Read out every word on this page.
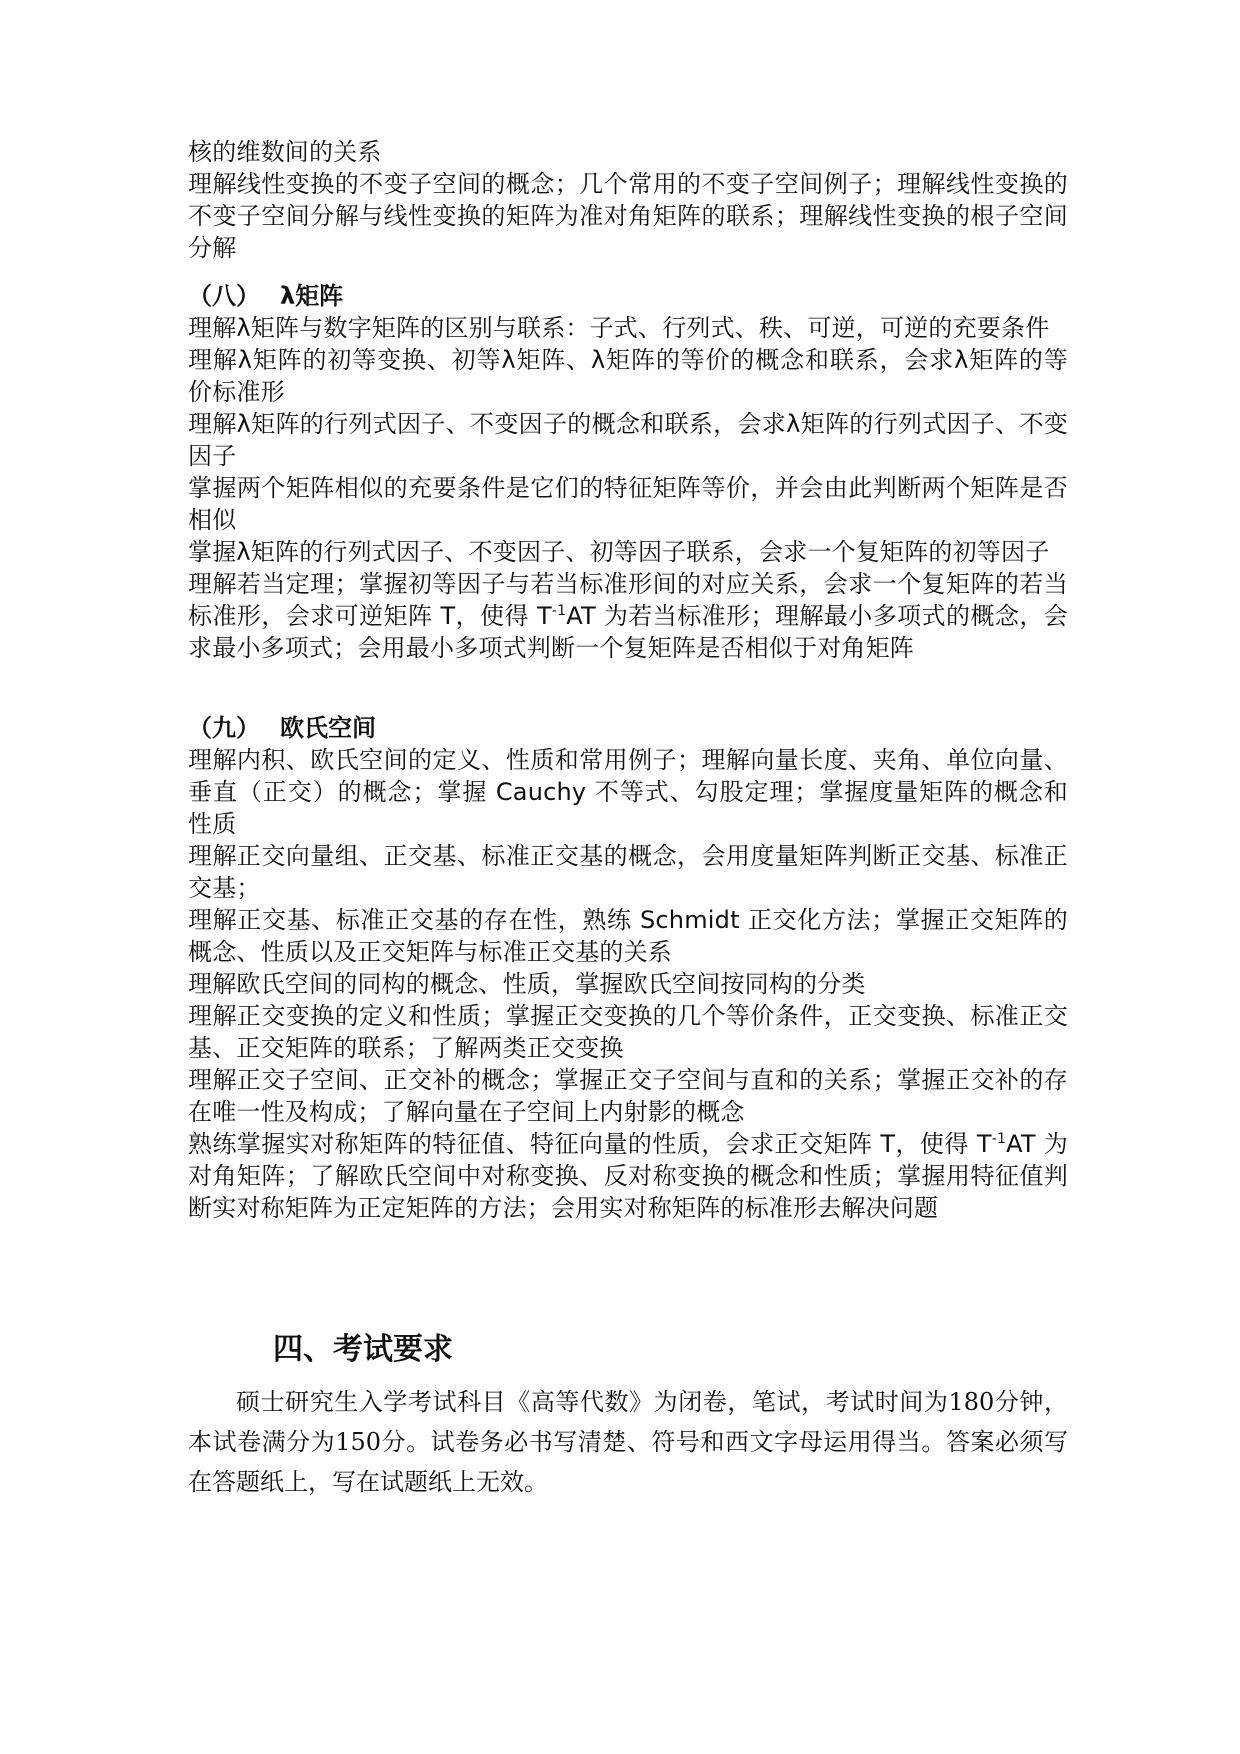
核的维数间的关系

理解线性变换的不变子空间的概念；几个常用的不变子空间例子；理解线性变换的不变子空间分解与线性变换的矩阵为准对角矩阵的联系；理解线性变换的根子空间分解

（八） λ矩阵

理解λ矩阵与数字矩阵的区别与联系：子式、行列式、秩、可逆，可逆的充要条件

理解λ矩阵的初等变换、初等λ矩阵、λ矩阵的等价的概念和联系，会求λ矩阵的等价标准形

理解λ矩阵的行列式因子、不变因子的概念和联系，会求λ矩阵的行列式因子、不变因子

掌握两个矩阵相似的充要条件是它们的特征矩阵等价，并会由此判断两个矩阵是否相似

掌握λ矩阵的行列式因子、不变因子、初等因子联系，会求一个复矩阵的初等因子

理解若当定理；掌握初等因子与若当标准形间的对应关系，会求一个复矩阵的若当标准形，会求可逆矩阵 T，使得 $T^{-1}AT$ 为若当标准形；理解最小多项式的概念，会求最小多项式；会用最小多项式判断一个复矩阵是否相似于对角矩阵

（九） 欧氏空间

理解内积、欧氏空间的定义、性质和常用例子；理解向量长度、夹角、单位向量、垂直（正交）的概念；掌握 Cauchy 不等式、勾股定理；掌握度量矩阵的概念和性质

理解正交向量组、正交基、标准正交基的概念，会用度量矩阵判断正交基、标准正交基；

理解正交基、标准正交基的存在性，熟练 Schmidt 正交化方法；掌握正交矩阵的概念、性质以及正交矩阵与标准正交基的关系

理解欧氏空间的同构的概念、性质，掌握欧氏空间按同构的分类

理解正交变换的定义和性质；掌握正交变换的几个等价条件，正交变换、标准正交基、正交矩阵的联系；了解两类正交变换

理解正交子空间、正交补的概念；掌握正交子空间与直和的关系；掌握正交补的存在唯一性及构成；了解向量在子空间上内射影的概念

熟练掌握实对称矩阵的特征值、特征向量的性质，会求正交矩阵 T，使得 $T^{-1}AT$ 为对角矩阵；了解欧氏空间中对称变换、反对称变换的概念和性质；掌握用特征值判断实对称矩阵为正定矩阵的方法；会用实对称矩阵的标准形去解决问题

四、考试要求

硕士研究生入学考试科目《高等代数》为闭卷，笔试，考试时间为180分钟，本试卷满分为150分。试卷务必书写清楚、符号和西文字母运用得当。答案必须写在答题纸上，写在试题纸上无效。
